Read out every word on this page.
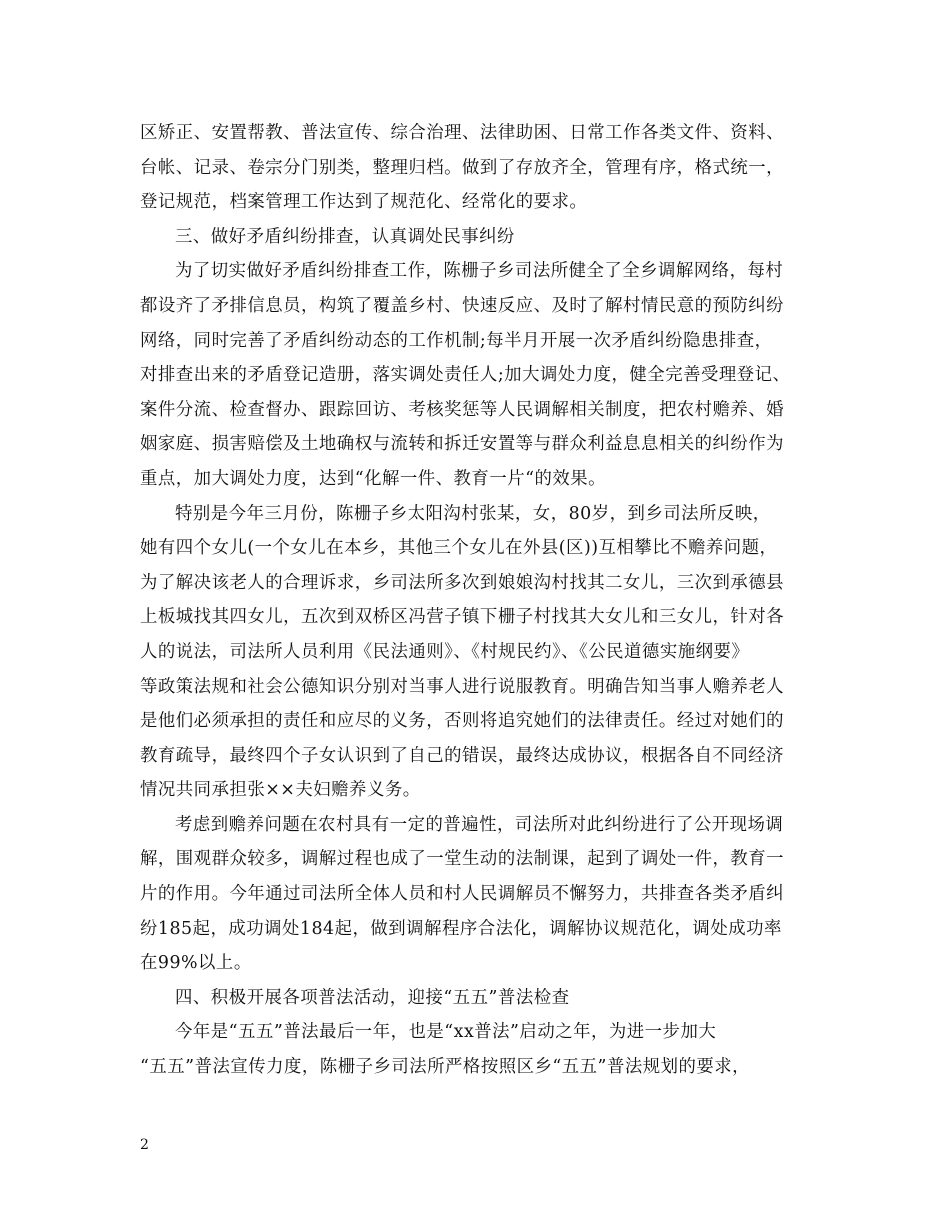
区矫正、安置帮教、普法宣传、综合治理、法律助困、日常工作各类文件、资料、
台帐、记录、卷宗分门别类，整理归档。做到了存放齐全，管理有序，格式统一，
登记规范，档案管理工作达到了规范化、经常化的要求。
三、做好矛盾纠纷排查，认真调处民事纠纷
为了切实做好矛盾纠纷排查工作，陈栅子乡司法所健全了全乡调解网络，每村
都设齐了矛排信息员，构筑了覆盖乡村、快速反应、及时了解村情民意的预防纠纷
网络，同时完善了矛盾纠纷动态的工作机制;每半月开展一次矛盾纠纷隐患排查，
对排查出来的矛盾登记造册，落实调处责任人;加大调处力度，健全完善受理登记、
案件分流、检查督办、跟踪回访、考核奖惩等人民调解相关制度，把农村赡养、婚
姻家庭、损害赔偿及土地确权与流转和拆迁安置等与群众利益息息相关的纠纷作为
重点，加大调处力度，达到“化解一件、教育一片“的效果。
特别是今年三月份，陈栅子乡太阳沟村张某，女，80岁，到乡司法所反映，
她有四个女儿(一个女儿在本乡，其他三个女儿在外县(区))互相攀比不赡养问题，
为了解决该老人的合理诉求，乡司法所多次到娘娘沟村找其二女儿，三次到承德县
上板城找其四女儿，五次到双桥区冯营子镇下栅子村找其大女儿和三女儿，针对各
人的说法，司法所人员利用《民法通则》、《村规民约》、《公民道德实施纲要》
等政策法规和社会公德知识分别对当事人进行说服教育。明确告知当事人赡养老人
是他们必须承担的责任和应尽的义务，否则将追究她们的法律责任。经过对她们的
教育疏导，最终四个子女认识到了自己的错误，最终达成协议，根据各自不同经济
情况共同承担张××夫妇赡养义务。
考虑到赡养问题在农村具有一定的普遍性，司法所对此纠纷进行了公开现场调
解，围观群众较多，调解过程也成了一堂生动的法制课，起到了调处一件，教育一
片的作用。今年通过司法所全体人员和村人民调解员不懈努力，共排查各类矛盾纠
纷185起，成功调处184起，做到调解程序合法化，调解协议规范化，调处成功率
在99%以上。
四、积极开展各项普法活动，迎接“五五”普法检查
今年是“五五”普法最后一年，也是“xx普法”启动之年，为进一步加大
“五五”普法宣传力度，陈栅子乡司法所严格按照区乡“五五”普法规划的要求，
2
